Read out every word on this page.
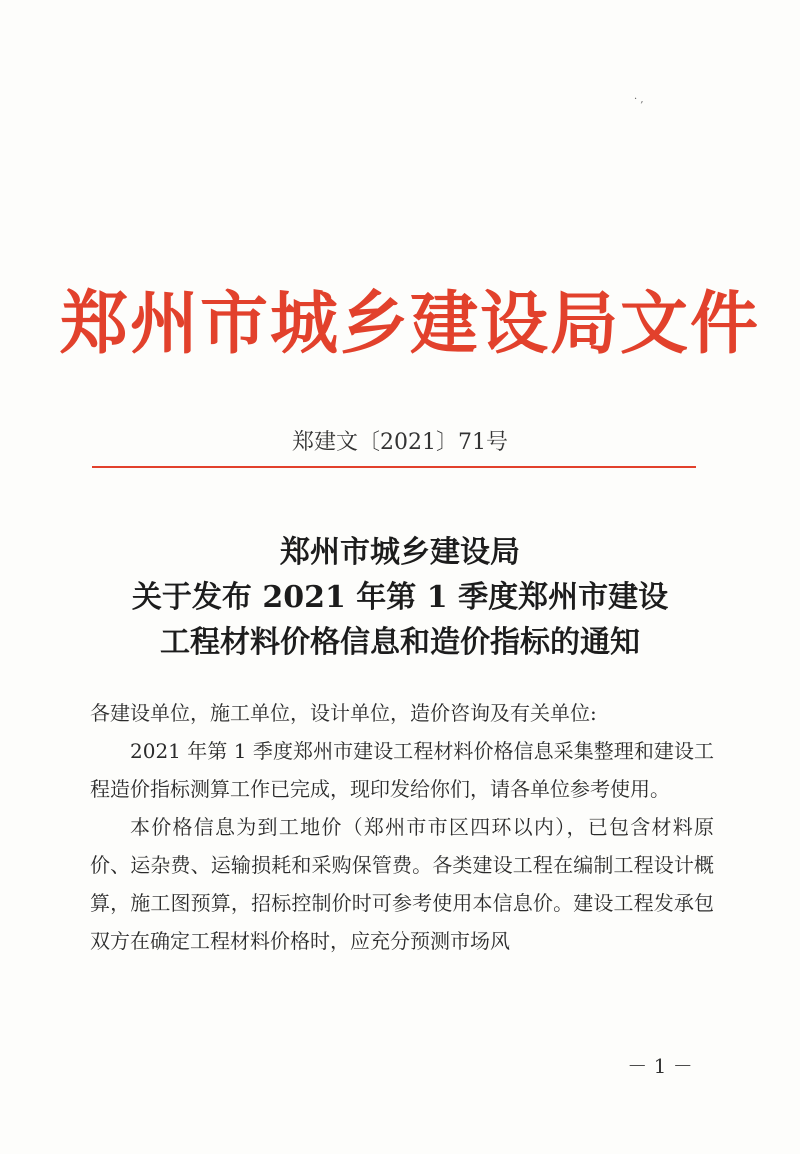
· ,
郑州市城乡建设局文件
郑建文〔2021〕71号
郑州市城乡建设局
关于发布 2021 年第 1 季度郑州市建设
工程材料价格信息和造价指标的通知

各建设单位，施工单位，设计单位，造价咨询及有关单位:

2021 年第 1 季度郑州市建设工程材料价格信息采集整理和建设工程造价指标测算工作已完成，现印发给你们，请各单位参考使用。

本价格信息为到工地价（郑州市市区四环以内），已包含材料原价、运杂费、运输损耗和采购保管费。各类建设工程在编制工程设计概算，施工图预算，招标控制价时可参考使用本信息价。建设工程发承包双方在确定工程材料价格时，应充分预测市场风

－ 1 －
